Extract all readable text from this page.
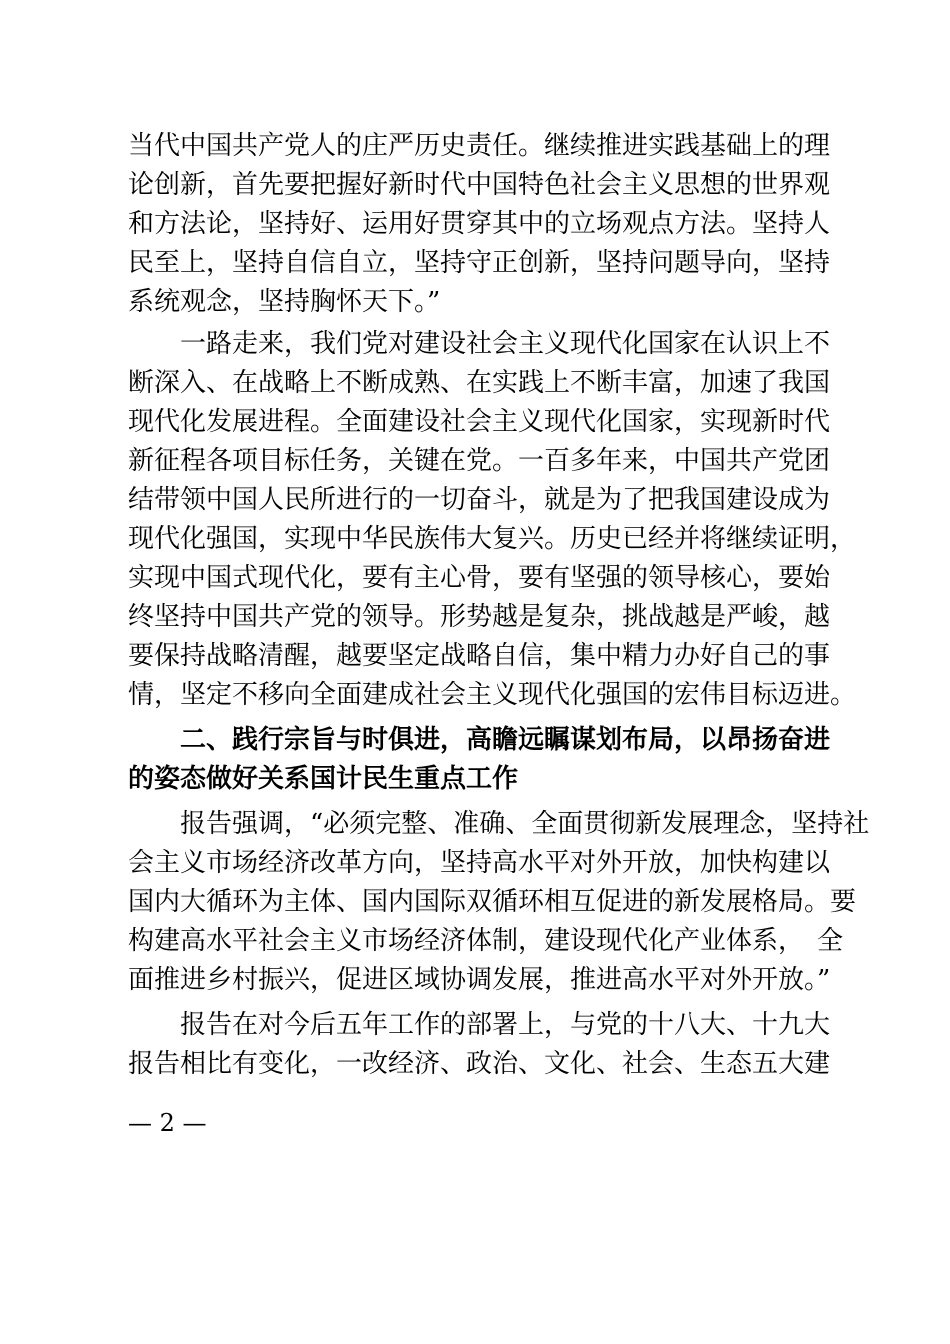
当代中国共产党人的庄严历史责任。继续推进实践基础上的理
论创新，首先要把握好新时代中国特色社会主义思想的世界观
和方法论，坚持好、运用好贯穿其中的立场观点方法。坚持人
民至上，坚持自信自立，坚持守正创新，坚持问题导向，坚持
系统观念，坚持胸怀天下。”
　　一路走来，我们党对建设社会主义现代化国家在认识上不
断深入、在战略上不断成熟、在实践上不断丰富，加速了我国
现代化发展进程。全面建设社会主义现代化国家，实现新时代
新征程各项目标任务，关键在党。一百多年来，中国共产党团
结带领中国人民所进行的一切奋斗，就是为了把我国建设成为
现代化强国，实现中华民族伟大复兴。历史已经并将继续证明，
实现中国式现代化，要有主心骨，要有坚强的领导核心，要始
终坚持中国共产党的领导。形势越是复杂，挑战越是严峻，越
要保持战略清醒，越要坚定战略自信，集中精力办好自己的事
情，坚定不移向全面建成社会主义现代化强国的宏伟目标迈进。
　　二、践行宗旨与时俱进，高瞻远瞩谋划布局，以昂扬奋进
的姿态做好关系国计民生重点工作
　　报告强调，“必须完整、准确、全面贯彻新发展理念，坚持社
会主义市场经济改革方向，坚持高水平对外开放，加快构建以
国内大循环为主体、国内国际双循环相互促进的新发展格局。要
构建高水平社会主义市场经济体制，建设现代化产业体系，　全
面推进乡村振兴，促进区域协调发展，推进高水平对外开放。”
　　报告在对今后五年工作的部署上，与党的十八大、十九大
报告相比有变化，一改经济、政治、文化、社会、生态五大建
— 2 —
